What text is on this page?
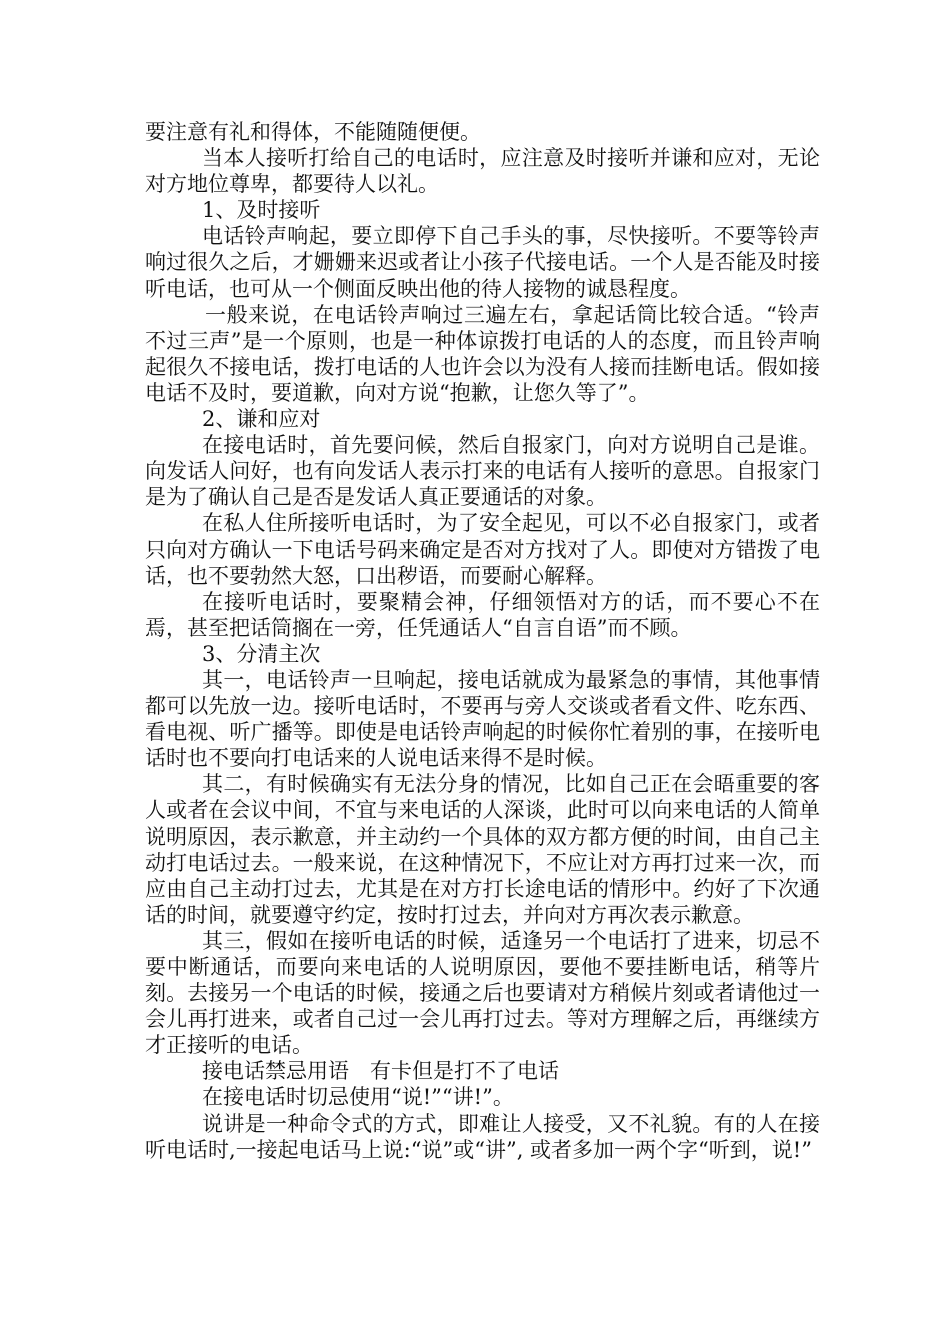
要注意有礼和得体，不能随随便便。

当本人接听打给自己的电话时，应注意及时接听并谦和应对，无论对方地位尊卑，都要待人以礼。

1、及时接听

电话铃声响起，要立即停下自己手头的事，尽快接听。不要等铃声响过很久之后，才姗姗来迟或者让小孩子代接电话。一个人是否能及时接听电话，也可从一个侧面反映出他的待人接物的诚恳程度。

一般来说，在电话铃声响过三遍左右，拿起话筒比较合适。“铃声不过三声”是一个原则，也是一种体谅拨打电话的人的态度，而且铃声响起很久不接电话，拨打电话的人也许会以为没有人接而挂断电话。假如接电话不及时，要道歉，向对方说“抱歉，让您久等了”。

2、谦和应对

在接电话时，首先要问候，然后自报家门，向对方说明自己是谁。向发话人问好，也有向发话人表示打来的电话有人接听的意思。自报家门是为了确认自己是否是发话人真正要通话的对象。

在私人住所接听电话时，为了安全起见，可以不必自报家门，或者只向对方确认一下电话号码来确定是否对方找对了人。即使对方错拨了电话，也不要勃然大怒，口出秽语，而要耐心解释。

在接听电话时，要聚精会神，仔细领悟对方的话，而不要心不在焉，甚至把话筒搁在一旁，任凭通话人“自言自语”而不顾。

3、分清主次

其一，电话铃声一旦响起，接电话就成为最紧急的事情，其他事情都可以先放一边。接听电话时，不要再与旁人交谈或者看文件、吃东西、看电视、听广播等。即使是电话铃声响起的时候你忙着别的事，在接听电话时也不要向打电话来的人说电话来得不是时候。

其二，有时候确实有无法分身的情况，比如自己正在会晤重要的客人或者在会议中间，不宜与来电话的人深谈，此时可以向来电话的人简单说明原因，表示歉意，并主动约一个具体的双方都方便的时间，由自己主动打电话过去。一般来说，在这种情况下，不应让对方再打过来一次，而应由自己主动打过去，尤其是在对方打长途电话的情形中。约好了下次通话的时间，就要遵守约定，按时打过去，并向对方再次表示歉意。

其三，假如在接听电话的时候，适逢另一个电话打了进来，切忌不要中断通话，而要向来电话的人说明原因，要他不要挂断电话，稍等片刻。去接另一个电话的时候，接通之后也要请对方稍候片刻或者请他过一会儿再打进来，或者自己过一会儿再打过去。等对方理解之后，再继续方才正接听的电话。

接电话禁忌用语　有卡但是打不了电话

在接电话时切忌使用“说!”“讲!”。

说讲是一种命令式的方式，即难让人接受，又不礼貌。有的人在接听电话时,一接起电话马上说:“说”或“讲”, 或者多加一两个字“听到，说!”
